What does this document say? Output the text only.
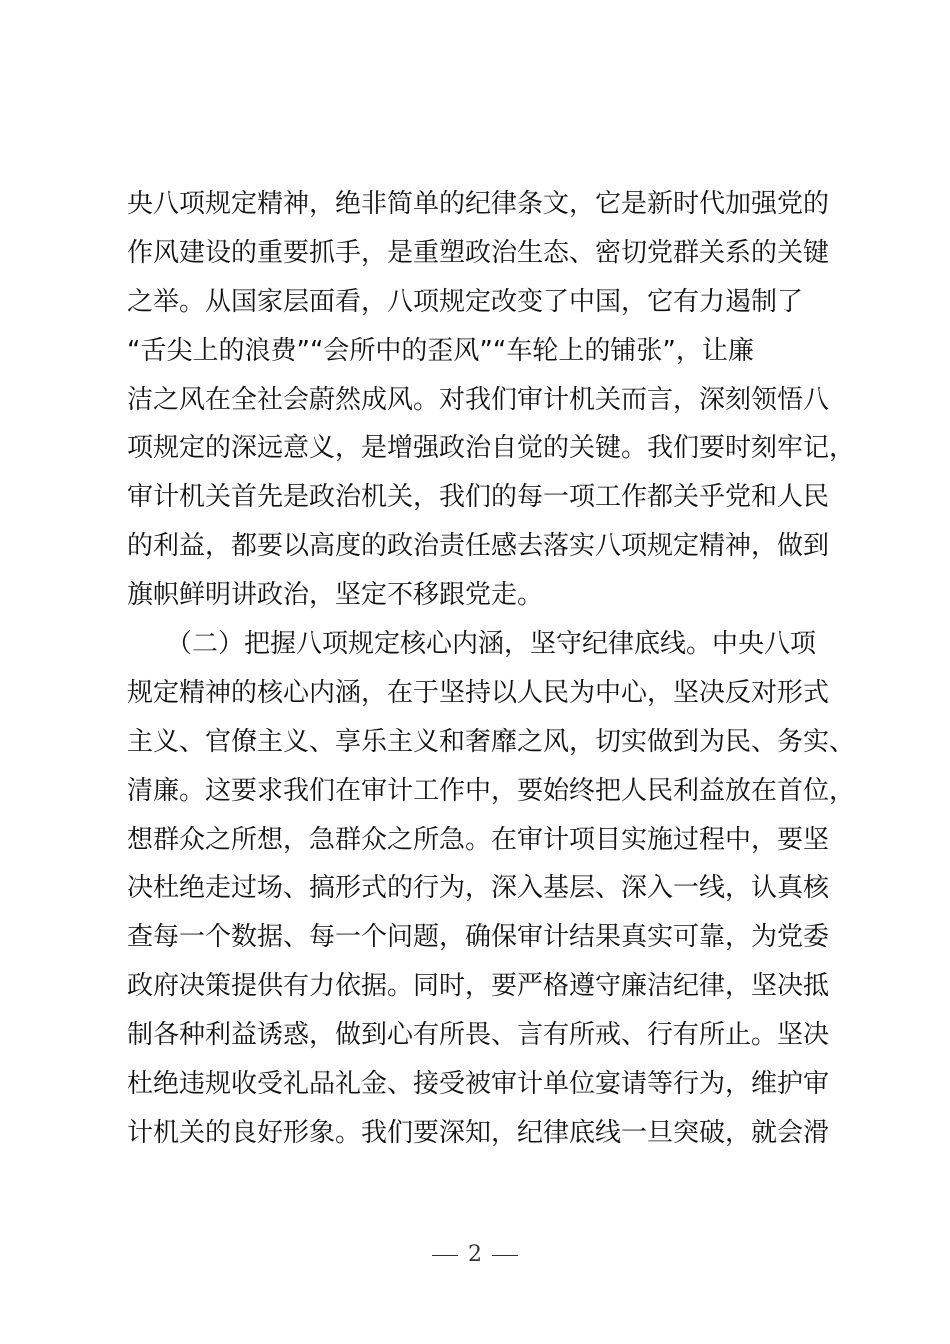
央八项规定精神，绝非简单的纪律条文，它是新时代加强党的
作风建设的重要抓手，是重塑政治生态、密切党群关系的关键
之举。从国家层面看，八项规定改变了中国，它有力遏制了
“舌尖上的浪费”“会所中的歪风”“车轮上的铺张”，让廉
洁之风在全社会蔚然成风。对我们审计机关而言，深刻领悟八
项规定的深远意义，是增强政治自觉的关键。我们要时刻牢记，
审计机关首先是政治机关，我们的每一项工作都关乎党和人民
的利益，都要以高度的政治责任感去落实八项规定精神，做到
旗帜鲜明讲政治，坚定不移跟党走。
　　（二）把握八项规定核心内涵，坚守纪律底线。中央八项
规定精神的核心内涵，在于坚持以人民为中心，坚决反对形式
主义、官僚主义、享乐主义和奢靡之风，切实做到为民、务实、
清廉。这要求我们在审计工作中，要始终把人民利益放在首位，
想群众之所想，急群众之所急。在审计项目实施过程中，要坚
决杜绝走过场、搞形式的行为，深入基层、深入一线，认真核
查每一个数据、每一个问题，确保审计结果真实可靠，为党委
政府决策提供有力依据。同时，要严格遵守廉洁纪律，坚决抵
制各种利益诱惑，做到心有所畏、言有所戒、行有所止。坚决
杜绝违规收受礼品礼金、接受被审计单位宴请等行为，维护审
计机关的良好形象。我们要深知，纪律底线一旦突破，就会滑
2
